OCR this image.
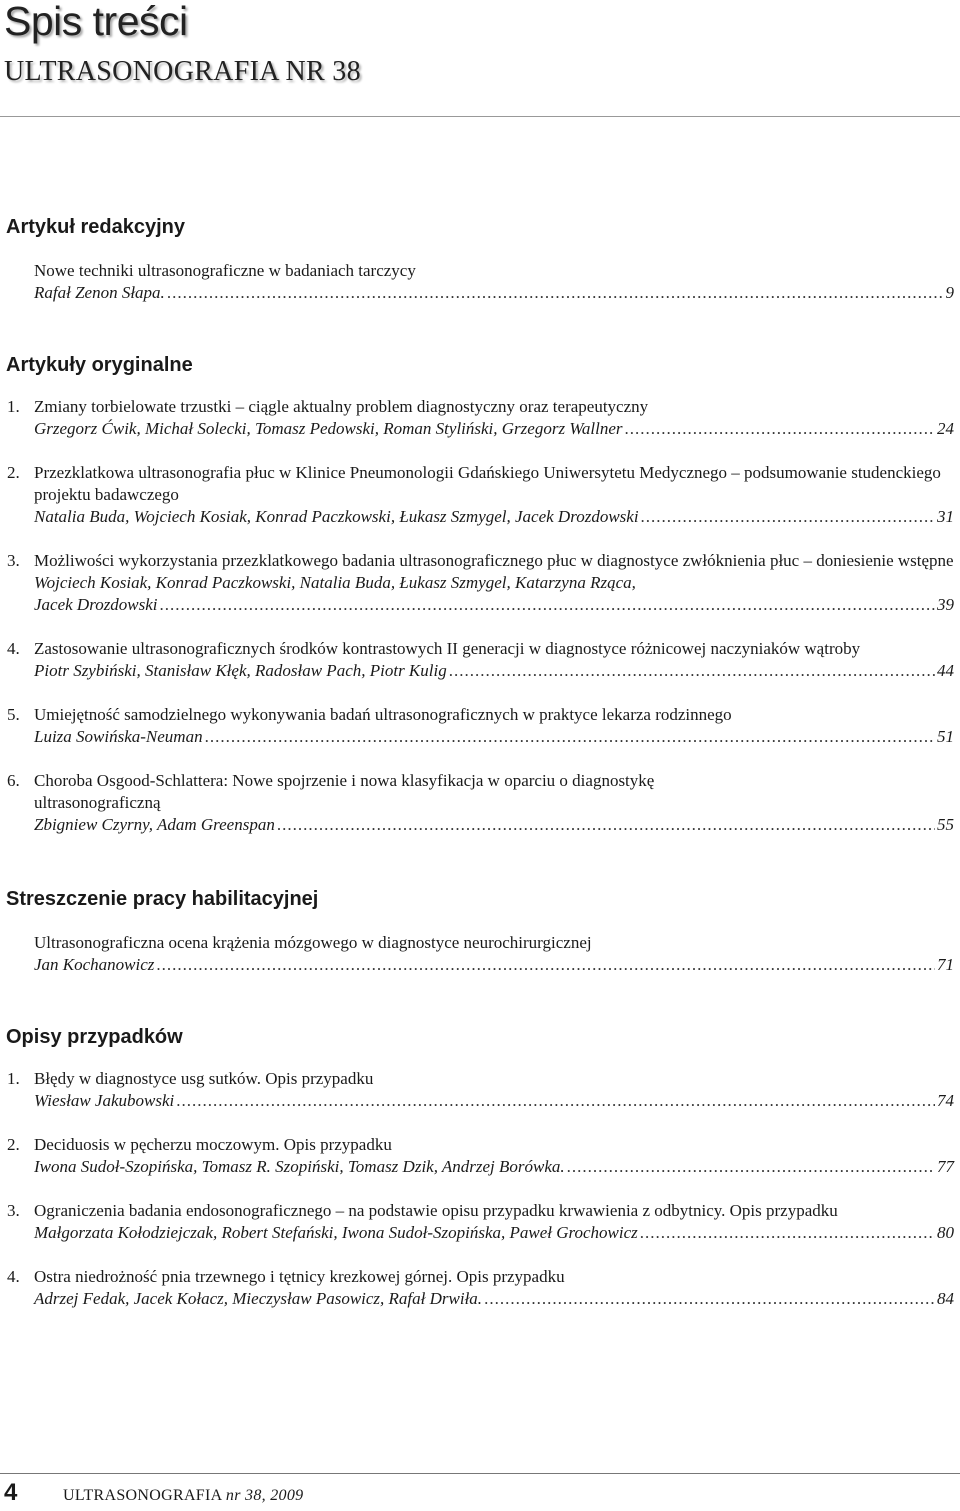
Spis treści
ULTRASONOGRAFIA NR 38
Artykuł redakcyjny
Nowe techniki ultrasonograficzne w badaniach tarczycy
Rafał Zenon Słapa. .....	9
Artykuły oryginalne
1. Zmiany torbielowate trzustki – ciągle aktualny problem diagnostyczny oraz terapeutyczny
Grzegorz Ćwik, Michał Solecki, Tomasz Pedowski, Roman Styliński, Grzegorz Wallner .....	24
2. Przezklatkowa ultrasonografia płuc w Klinice Pneumonologii Gdańskiego Uniwersytetu Medycznego – podsumowanie studenckiego projektu badawczego
Natalia Buda, Wojciech Kosiak, Konrad Paczkowski, Łukasz Szmygel, Jacek Drozdowski .....	31
3. Możliwości wykorzystania przezklatkowego badania ultrasonograficznego płuc w diagnostyce zwłóknienia płuc – doniesienie wstępne
Wojciech Kosiak, Konrad Paczkowski, Natalia Buda, Łukasz Szmygel, Katarzyna Rząca,
Jacek Drozdowski .....	39
4. Zastosowanie ultrasonograficznych środków kontrastowych II generacji w diagnostyce różnicowej naczyniaków wątroby
Piotr Szybiński, Stanisław Kłęk, Radosław Pach, Piotr Kulig .....	44
5. Umiejętność samodzielnego wykonywania badań ultrasonograficznych w praktyce lekarza rodzinnego
Luiza Sowińska-Neuman .....	51
6. Choroba Osgood-Schlattera: Nowe spojrzenie i nowa klasyfikacja w oparciu o diagnostykę ultrasonograficzną
Zbigniew Czyrny, Adam Greenspan .....	55
Streszczenie pracy habilitacyjnej
Ultrasonograficzna ocena krążenia mózgowego w diagnostyce neurochirurgicznej
Jan Kochanowicz .....	71
Opisy przypadków
1. Błędy w diagnostyce usg sutków. Opis przypadku
Wiesław Jakubowski .....	74
2. Deciduosis w pęcherzu moczowym. Opis przypadku
Iwona Sudoł-Szopińska, Tomasz R. Szopiński, Tomasz Dzik, Andrzej Borówka. .....	77
3. Ograniczenia badania endosonograficznego – na podstawie opisu przypadku krwawienia z odbytnicy. Opis przypadku
Małgorzata Kołodziejczak, Robert Stefański, Iwona Sudoł-Szopińska, Paweł Grochowicz .....	80
4. Ostra niedrożność pnia trzewnego i tętnicy krezkowej górnej. Opis przypadku
Adrzej Fedak, Jacek Kołacz, Mieczysław Pasowicz, Rafał Drwiła. .....	84
4	ULTRASONOGRAFIA nr 38, 2009
